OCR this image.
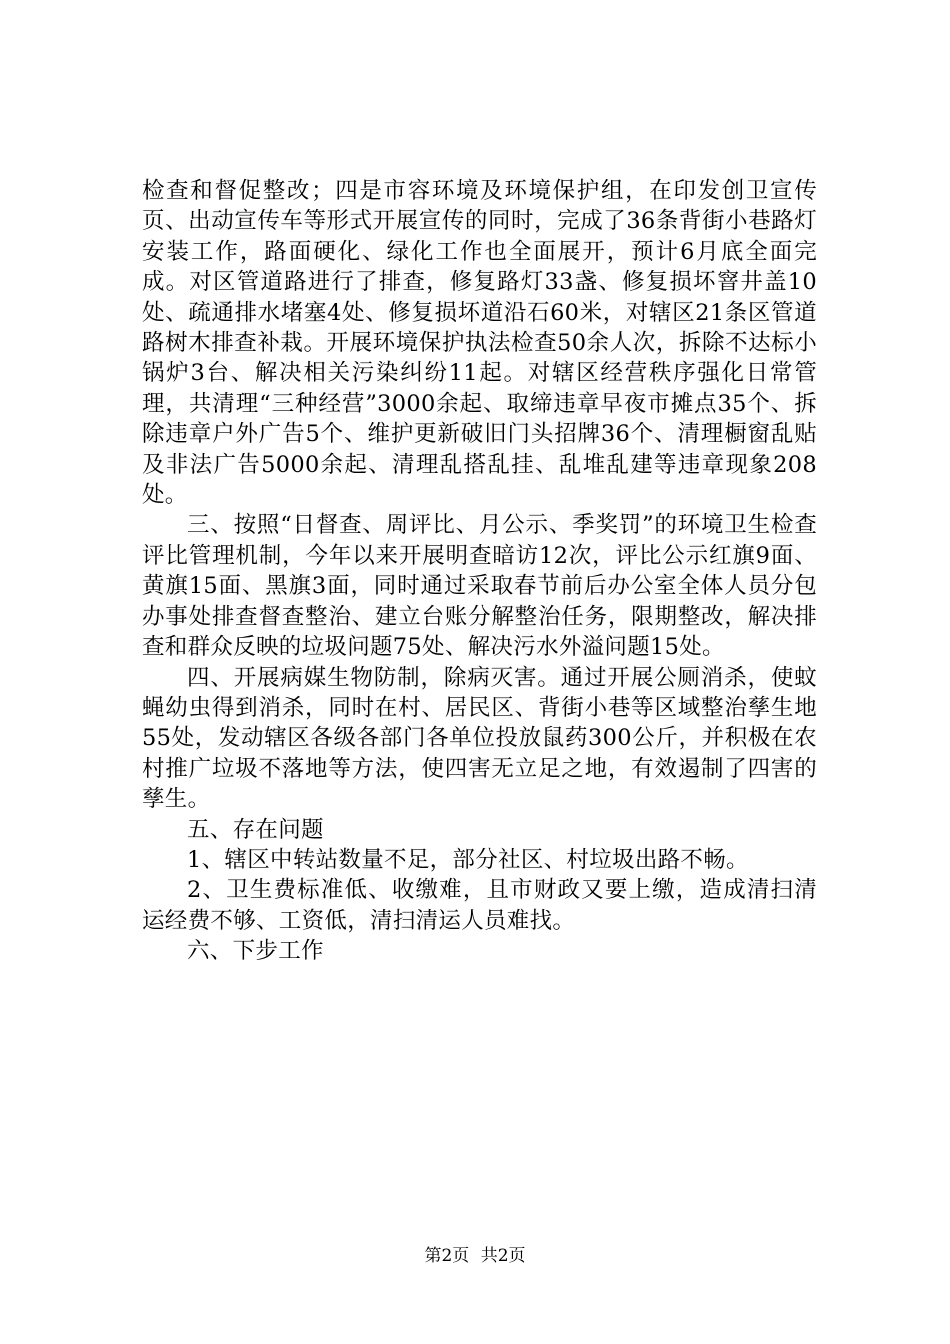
检查和督促整改；四是市容环境及环境保护组，在印发创卫宣传页、出动宣传车等形式开展宣传的同时，完成了36条背街小巷路灯安装工作，路面硬化、绿化工作也全面展开，预计6月底全面完成。对区管道路进行了排查，修复路灯33盏、修复损坏窨井盖10处、疏通排水堵塞4处、修复损坏道沿石60米，对辖区21条区管道路树木排查补栽。开展环境保护执法检查50余人次，拆除不达标小锅炉3台、解决相关污染纠纷11起。对辖区经营秩序强化日常管理，共清理“三种经营”3000余起、取缔违章早夜市摊点35个、拆除违章户外广告5个、维护更新破旧门头招牌36个、清理橱窗乱贴及非法广告5000余起、清理乱搭乱挂、乱堆乱建等违章现象208处。

三、按照“日督查、周评比、月公示、季奖罚”的环境卫生检查评比管理机制，今年以来开展明查暗访12次，评比公示红旗9面、黄旗15面、黑旗3面，同时通过采取春节前后办公室全体人员分包办事处排查督查整治、建立台账分解整治任务，限期整改，解决排查和群众反映的垃圾问题75处、解决污水外溢问题15处。

四、开展病媒生物防制，除病灭害。通过开展公厕消杀，使蚊蝇幼虫得到消杀，同时在村、居民区、背街小巷等区域整治孳生地55处，发动辖区各级各部门各单位投放鼠药300公斤，并积极在农村推广垃圾不落地等方法，使四害无立足之地，有效遏制了四害的孳生。

五、存在问题

1、辖区中转站数量不足，部分社区、村垃圾出路不畅。

2、卫生费标准低、收缴难，且市财政又要上缴，造成清扫清运经费不够、工资低，清扫清运人员难找。

六、下步工作

第2页 共2页
